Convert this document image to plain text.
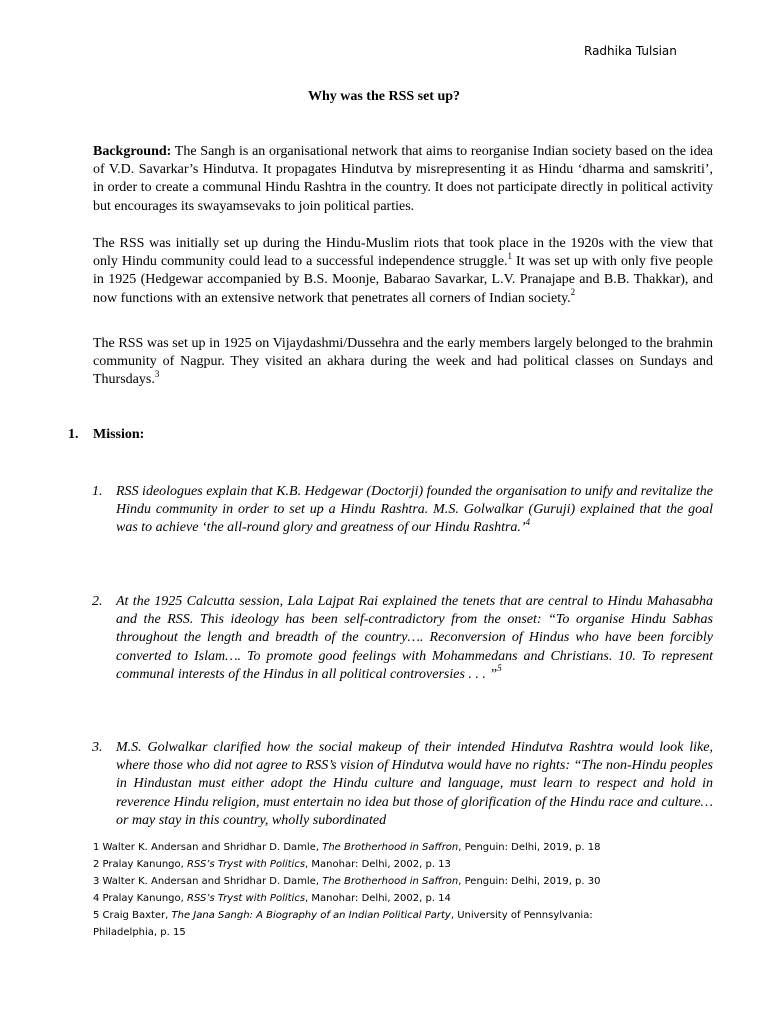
Radhika Tulsian
Why was the RSS set up?

Background: The Sangh is an organisational network that aims to reorganise Indian society based on the idea of V.D. Savarkar’s Hindutva. It propagates Hindutva by misrepresenting it as Hindu ‘dharma and samskriti’, in order to create a communal Hindu Rashtra in the country. It does not participate directly in political activity but encourages its swayamsevaks to join political parties.

The RSS was initially set up during the Hindu-Muslim riots that took place in the 1920s with the view that only Hindu community could lead to a successful independence struggle.$^1$ It was set up with only five people in 1925 (Hedgewar accompanied by B.S. Moonje, Babarao Savarkar, L.V. Pranajape and B.B. Thakkar), and now functions with an extensive network that penetrates all corners of Indian society.$^2$

The RSS was set up in 1925 on Vijaydashmi/Dussehra and the early members largely belonged to the brahmin community of Nagpur. They visited an akhara during the week and had political classes on Sundays and Thursdays.$^3$

1. Mission:
1. RSS ideologues explain that K.B. Hedgewar (Doctorji) founded the organisation to unify and revitalize the Hindu community in order to set up a Hindu Rashtra. M.S. Golwalkar (Guruji) explained that the goal was to achieve ‘the all-round glory and greatness of our Hindu Rashtra.’$^4$
2. At the 1925 Calcutta session, Lala Lajpat Rai explained the tenets that are central to Hindu Mahasabha and the RSS. This ideology has been self-contradictory from the onset: “To organise Hindu Sabhas throughout the length and breadth of the country…. Reconversion of Hindus who have been forcibly converted to Islam…. To promote good feelings with Mohammedans and Christians. 10. To represent communal interests of the Hindus in all political controversies . . . ”$^5$
3. M.S. Golwalkar clarified how the social makeup of their intended Hindutva Rashtra would look like, where those who did not agree to RSS’s vision of Hindutva would have no rights: “The non-Hindu peoples in Hindustan must either adopt the Hindu culture and language, must learn to respect and hold in reverence Hindu religion, must entertain no idea but those of glorification of the Hindu race and culture… or may stay in this country, wholly subordinated
1 Walter K. Andersan and Shridhar D. Damle, The Brotherhood in Saffron, Penguin: Delhi, 2019, p. 18
2 Pralay Kanungo, RSS’s Tryst with Politics, Manohar: Delhi, 2002, p. 13
3 Walter K. Andersan and Shridhar D. Damle, The Brotherhood in Saffron, Penguin: Delhi, 2019, p. 30
4 Pralay Kanungo, RSS’s Tryst with Politics, Manohar: Delhi, 2002, p. 14
5 Craig Baxter, The Jana Sangh: A Biography of an Indian Political Party, University of Pennsylvania: Philadelphia, p. 15
